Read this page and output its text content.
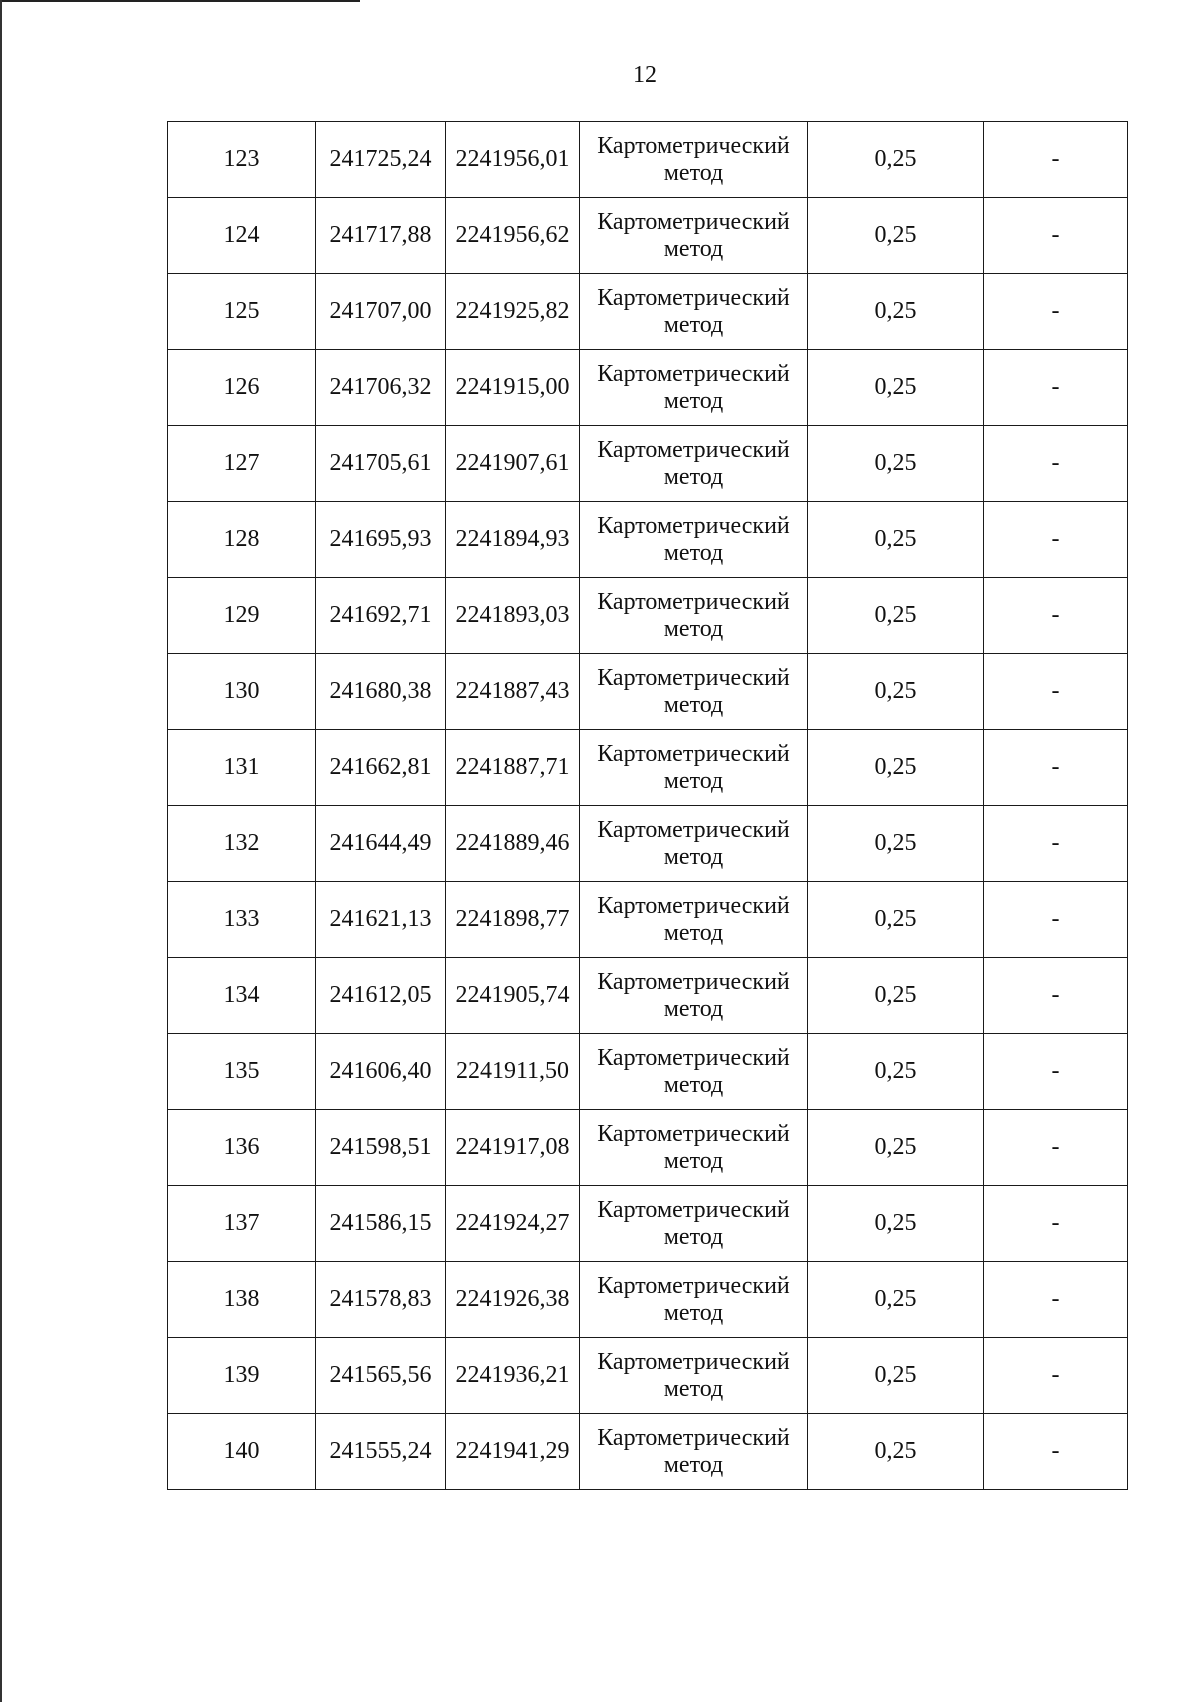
12
123	241725,24	2241956,01	Картометрический
метод	0,25	-
124	241717,88	2241956,62	Картометрический
метод	0,25	-
125	241707,00	2241925,82	Картометрический
метод	0,25	-
126	241706,32	2241915,00	Картометрический
метод	0,25	-
127	241705,61	2241907,61	Картометрический
метод	0,25	-
128	241695,93	2241894,93	Картометрический
метод	0,25	-
129	241692,71	2241893,03	Картометрический
метод	0,25	-
130	241680,38	2241887,43	Картометрический
метод	0,25	-
131	241662,81	2241887,71	Картометрический
метод	0,25	-
132	241644,49	2241889,46	Картометрический
метод	0,25	-
133	241621,13	2241898,77	Картометрический
метод	0,25	-
134	241612,05	2241905,74	Картометрический
метод	0,25	-
135	241606,40	2241911,50	Картометрический
метод	0,25	-
136	241598,51	2241917,08	Картометрический
метод	0,25	-
137	241586,15	2241924,27	Картометрический
метод	0,25	-
138	241578,83	2241926,38	Картометрический
метод	0,25	-
139	241565,56	2241936,21	Картометрический
метод	0,25	-
140	241555,24	2241941,29	Картометрический
метод	0,25	-
